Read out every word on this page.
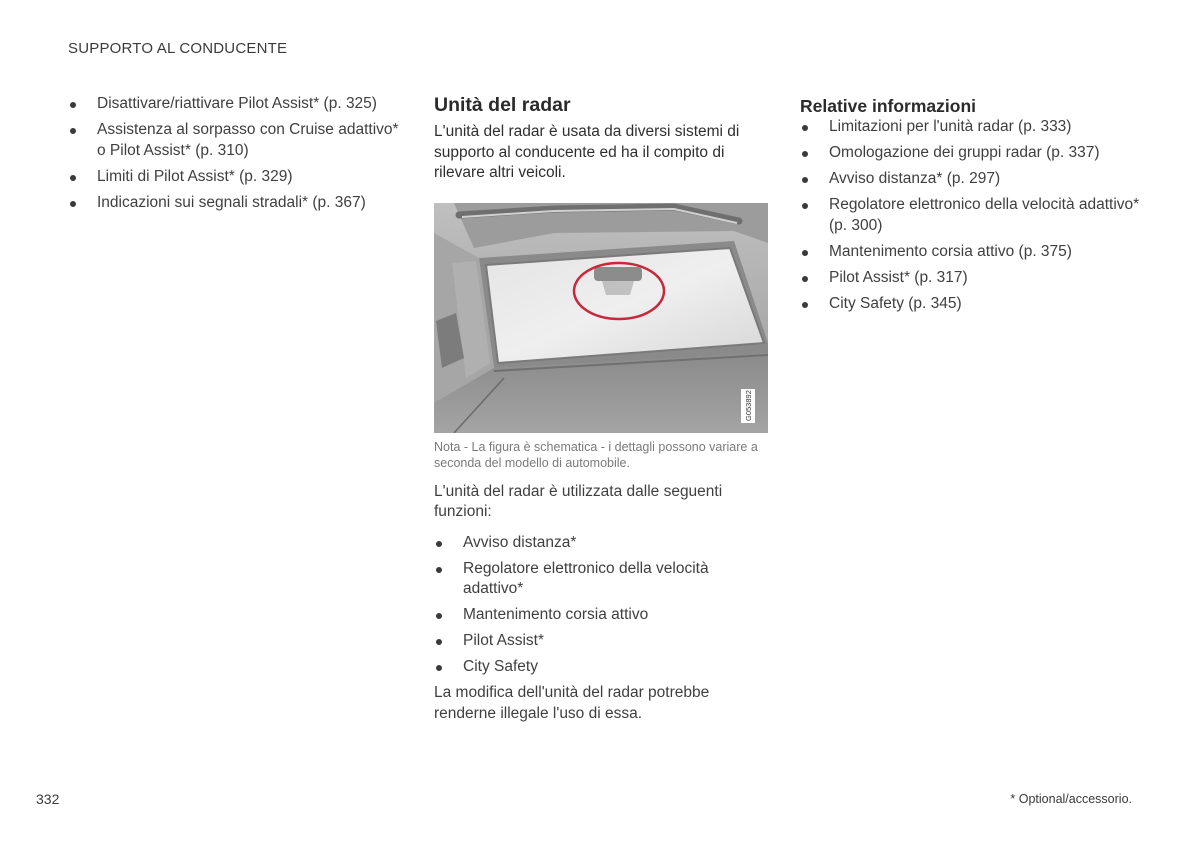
SUPPORTO AL CONDUCENTE
Disattivare/riattivare Pilot Assist* (p. 325)
Assistenza al sorpasso con Cruise adattivo* o Pilot Assist* (p. 310)
Limiti di Pilot Assist* (p. 329)
Indicazioni sui segnali stradali* (p. 367)
Unità del radar

L'unità del radar è usata da diversi sistemi di supporto al conducente ed ha il compito di rilevare altri veicoli.

G053892
Nota - La figura è schematica - i dettagli possono variare a seconda del modello di automobile.

L'unità del radar è utilizzata dalle seguenti funzioni:

Avviso distanza*
Regolatore elettronico della velocità adattivo*
Mantenimento corsia attivo
Pilot Assist*
City Safety

La modifica dell'unità del radar potrebbe renderne illegale l'uso di essa.

Relative informazioni
Limitazioni per l'unità radar (p. 333)
Omologazione dei gruppi radar (p. 337)
Avviso distanza* (p. 297)
Regolatore elettronico della velocità adattivo* (p. 300)
Mantenimento corsia attivo (p. 375)
Pilot Assist* (p. 317)
City Safety (p. 345)
332	* Optional/accessorio.
